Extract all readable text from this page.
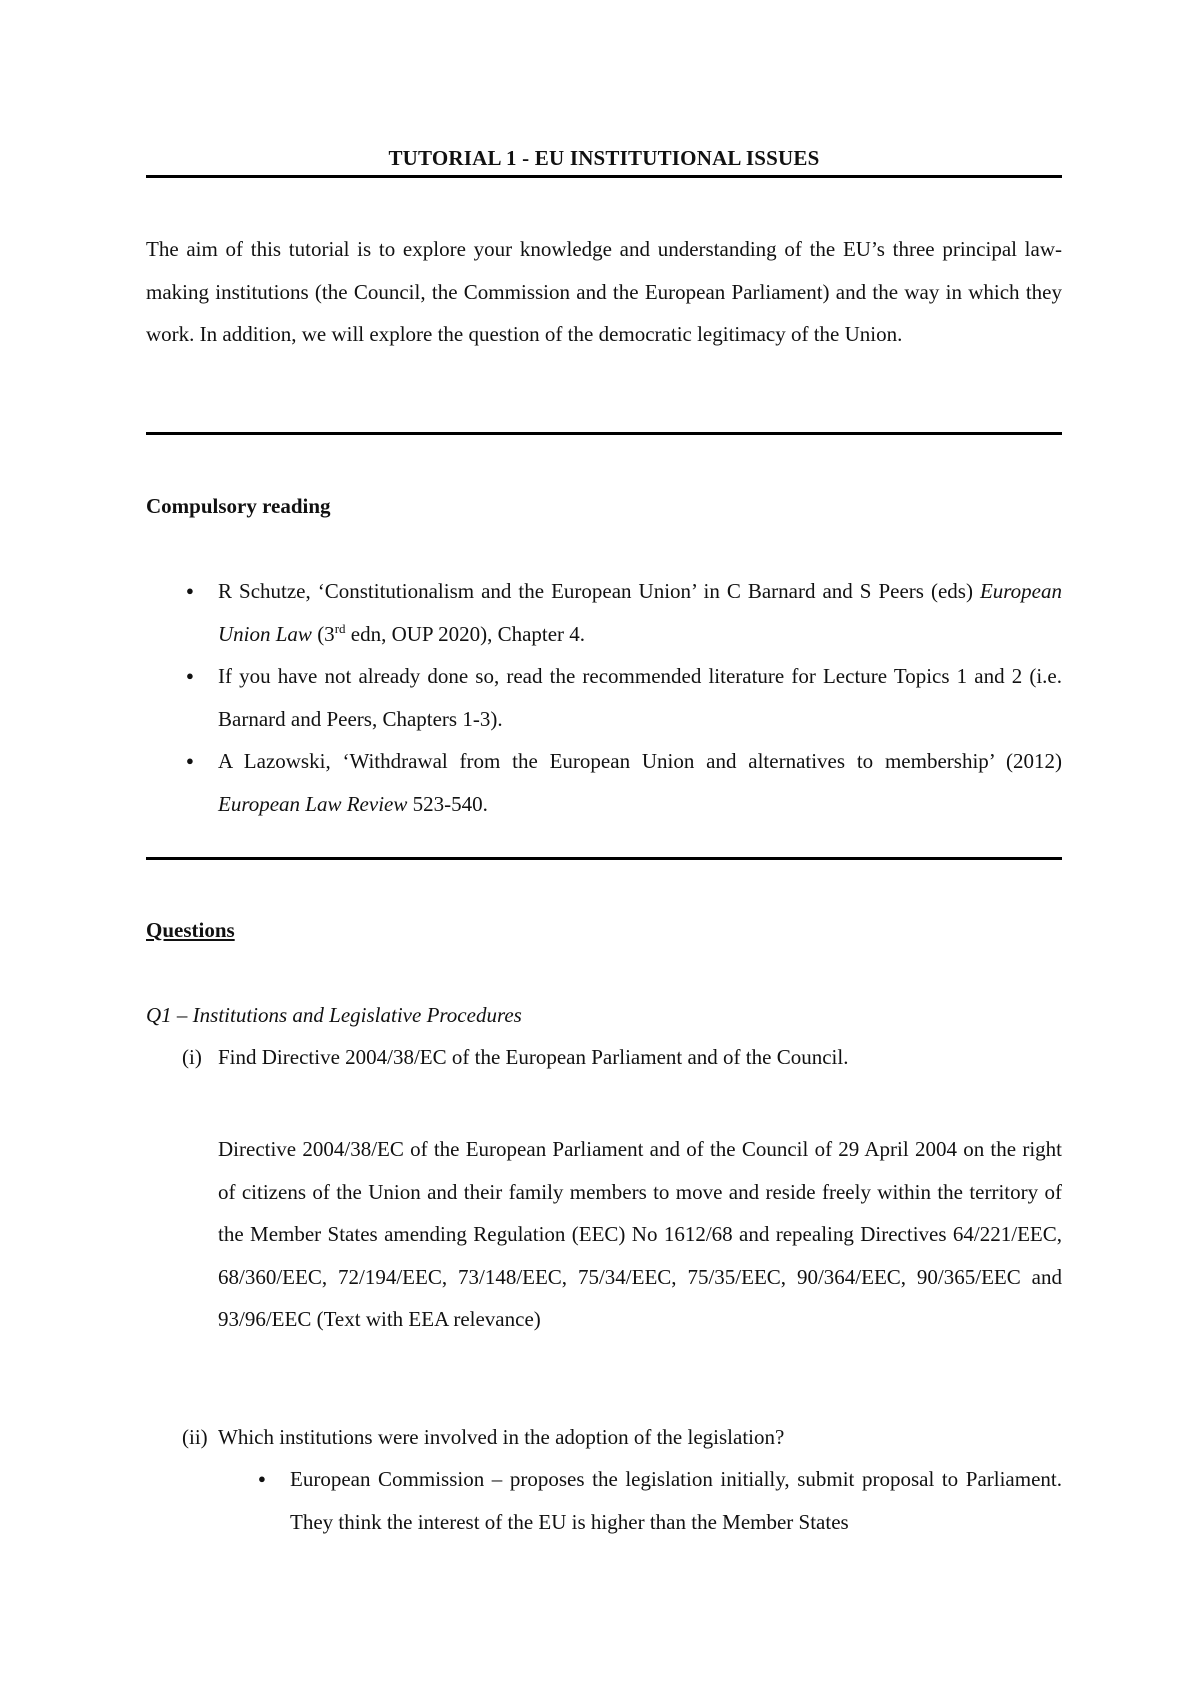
TUTORIAL 1 - EU INSTITUTIONAL ISSUES
The aim of this tutorial is to explore your knowledge and understanding of the EU’s three principal law-making institutions (the Council, the Commission and the European Parliament) and the way in which they work. In addition, we will explore the question of the democratic legitimacy of the Union.
Compulsory reading
● R Schutze, ‘Constitutionalism and the European Union’ in C Barnard and S Peers (eds) European Union Law (3rd edn, OUP 2020), Chapter 4.
● If you have not already done so, read the recommended literature for Lecture Topics 1 and 2 (i.e. Barnard and Peers, Chapters 1-3).
● A Lazowski, ‘Withdrawal from the European Union and alternatives to membership’ (2012) European Law Review 523-540.
Questions
Q1 – Institutions and Legislative Procedures
(i) Find Directive 2004/38/EC of the European Parliament and of the Council.
Directive 2004/38/EC of the European Parliament and of the Council of 29 April 2004 on the right of citizens of the Union and their family members to move and reside freely within the territory of the Member States amending Regulation (EEC) No 1612/68 and repealing Directives 64/221/EEC, 68/360/EEC, 72/194/EEC, 73/148/EEC, 75/34/EEC, 75/35/EEC, 90/364/EEC, 90/365/EEC and 93/96/EEC (Text with EEA relevance)
(ii) Which institutions were involved in the adoption of the legislation?
● European Commission – proposes the legislation initially, submit proposal to Parliament. They think the interest of the EU is higher than the Member States
